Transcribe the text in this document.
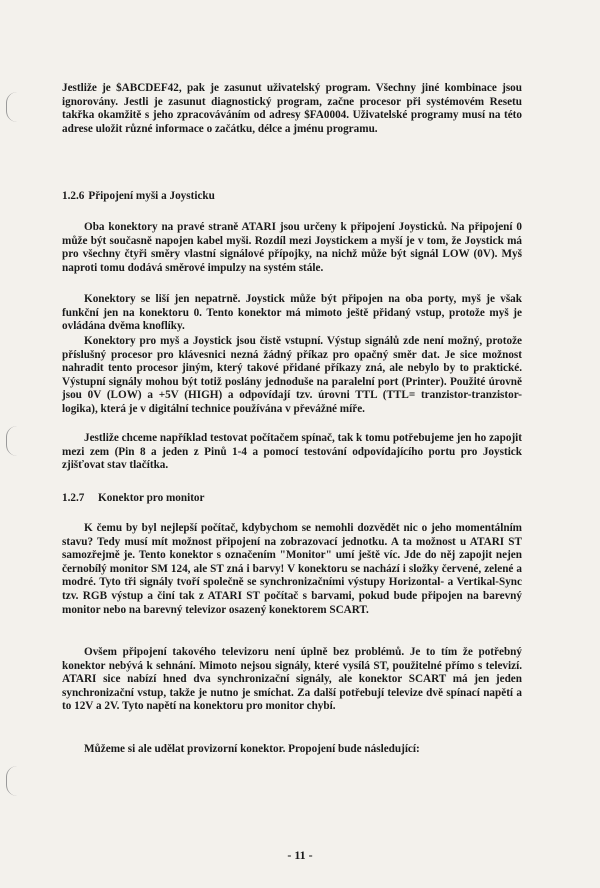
Jestliže je $ABCDEF42, pak je zasunut uživatelský program. Všechny jiné kombinace jsou ignorovány. Jestli je zasunut diagnostický program, začne procesor při systémovém Resetu takřka okamžitě s jeho zpracováváním od adresy $FA0004. Uživatelské programy musí na této adrese uložit různé informace o začátku, délce a jménu programu.

1.2.6 Připojení myši a Joysticku

Oba konektory na pravé straně ATARI jsou určeny k připojení Joysticků. Na připojení 0 může být současně napojen kabel myši. Rozdíl mezi Joystickem a myší je v tom, že Joystick má pro všechny čtyři směry vlastní signálové přípojky, na nichž může být signál LOW (0V). Myš naproti tomu dodává směrové impulzy na systém stále.

Konektory se liší jen nepatrně. Joystick může být připojen na oba porty, myš je však funkční jen na konektoru 0. Tento konektor má mimoto ještě přidaný vstup, protože myš je ovládána dvěma knoflíky.

Konektory pro myš a Joystick jsou čistě vstupní. Výstup signálů zde není možný, protože příslušný procesor pro klávesnici nezná žádný příkaz pro opačný směr dat. Je sice možnost nahradit tento procesor jiným, který takové přidané příkazy zná, ale nebylo by to praktické. Výstupní signály mohou být totiž poslány jednoduše na paralelní port (Printer). Použité úrovně jsou 0V (LOW) a +5V (HIGH) a odpovídají tzv. úrovni TTL (TTL= tranzistor-tranzistor-logika), která je v digitální technice používána v převážné míře.

Jestliže chceme například testovat počítačem spínač, tak k tomu potřebujeme jen ho zapojit mezi zem (Pin 8 a jeden z Pinů 1-4 a pomocí testování odpovídajícího portu pro Joystick zjišťovat stav tlačítka.

1.2.7 Konektor pro monitor

K čemu by byl nejlepší počítač, kdybychom se nemohli dozvědět nic o jeho momentálním stavu? Tedy musí mít možnost připojení na zobrazovací jednotku. A ta možnost u ATARI ST samozřejmě je. Tento konektor s označením "Monitor" umí ještě víc. Jde do něj zapojit nejen černobílý monitor SM 124, ale ST zná i barvy! V konektoru se nachází i složky červené, zelené a modré. Tyto tři signály tvoří společně se synchronizačními výstupy Horizontal- a Vertikal-Sync tzv. RGB výstup a činí tak z ATARI ST počítač s barvami, pokud bude připojen na barevný monitor nebo na barevný televizor osazený konektorem SCART.

Ovšem připojení takového televizoru není úplně bez problémů. Je to tím že potřebný konektor nebývá k sehnání. Mimoto nejsou signály, které vysílá ST, použitelné přímo s televizí. ATARI sice nabízí hned dva synchronizační signály, ale konektor SCART má jen jeden synchronizační vstup, takže je nutno je smíchat. Za další potřebují televize dvě spínací napětí a to 12V a 2V. Tyto napětí na konektoru pro monitor chybí.

Můžeme si ale udělat provizorní konektor. Propojení bude následující:

- 11 -
